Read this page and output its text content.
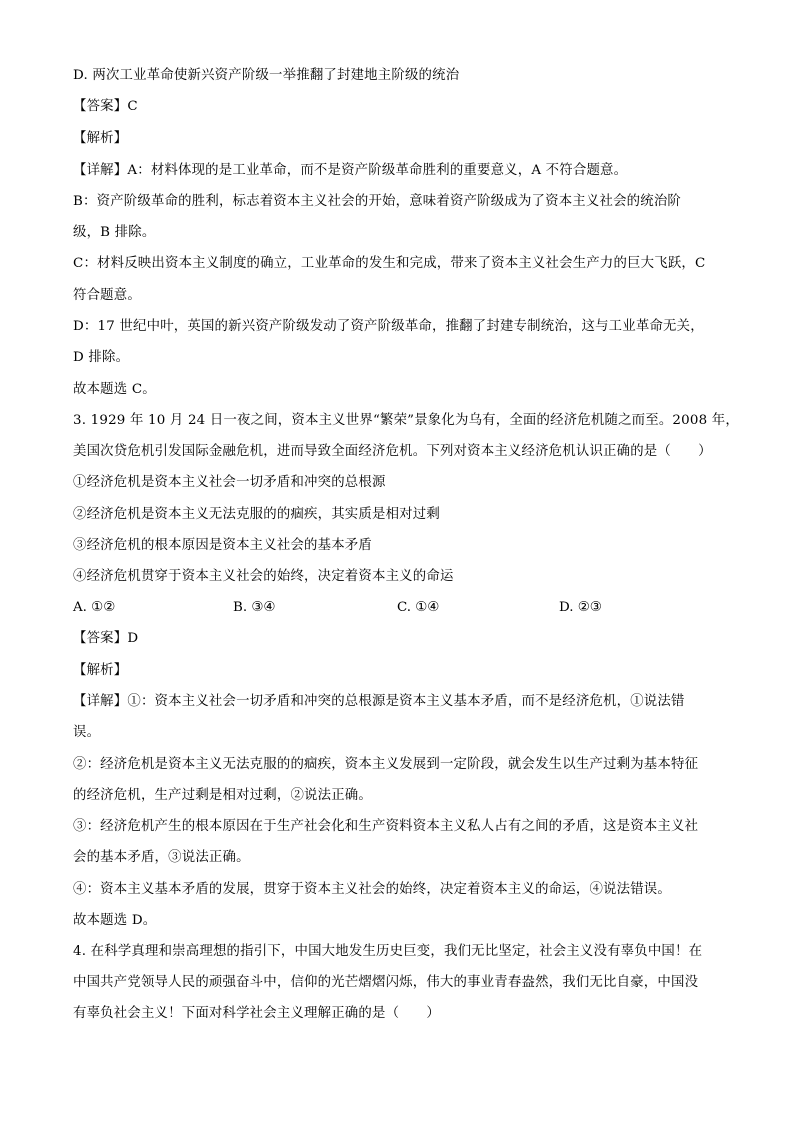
D. 两次工业革命使新兴资产阶级一举推翻了封建地主阶级的统治
【答案】C
【解析】
【详解】A：材料体现的是工业革命，而不是资产阶级革命胜利的重要意义，A 不符合题意。
B：资产阶级革命的胜利，标志着资本主义社会的开始，意味着资产阶级成为了资本主义社会的统治阶
级，B 排除。
C：材料反映出资本主义制度的确立，工业革命的发生和完成，带来了资本主义社会生产力的巨大飞跃，C
符合题意。
D：17 世纪中叶，英国的新兴资产阶级发动了资产阶级革命，推翻了封建专制统治，这与工业革命无关，
D 排除。
故本题选 C。
3. 1929 年 10 月 24 日一夜之间，资本主义世界“繁荣”景象化为乌有，全面的经济危机随之而至。2008 年，
美国次贷危机引发国际金融危机，进而导致全面经济危机。下列对资本主义经济危机认识正确的是（　　）
①经济危机是资本主义社会一切矛盾和冲突的总根源
②经济危机是资本主义无法克服的的痼疾，其实质是相对过剩
③经济危机的根本原因是资本主义社会的基本矛盾
④经济危机贯穿于资本主义社会的始终，决定着资本主义的命运
A. ①②	B. ③④	C. ①④	D. ②③
【答案】D
【解析】
【详解】①：资本主义社会一切矛盾和冲突的总根源是资本主义基本矛盾，而不是经济危机，①说法错
误。
②：经济危机是资本主义无法克服的的痼疾，资本主义发展到一定阶段，就会发生以生产过剩为基本特征
的经济危机，生产过剩是相对过剩，②说法正确。
③：经济危机产生的根本原因在于生产社会化和生产资料资本主义私人占有之间的矛盾，这是资本主义社
会的基本矛盾，③说法正确。
④：资本主义基本矛盾的发展，贯穿于资本主义社会的始终，决定着资本主义的命运，④说法错误。
故本题选 D。
4. 在科学真理和崇高理想的指引下，中国大地发生历史巨变，我们无比坚定，社会主义没有辜负中国！在
中国共产党领导人民的顽强奋斗中，信仰的光芒熠熠闪烁，伟大的事业青春盎然，我们无比自豪，中国没
有辜负社会主义！下面对科学社会主义理解正确的是（　　）
